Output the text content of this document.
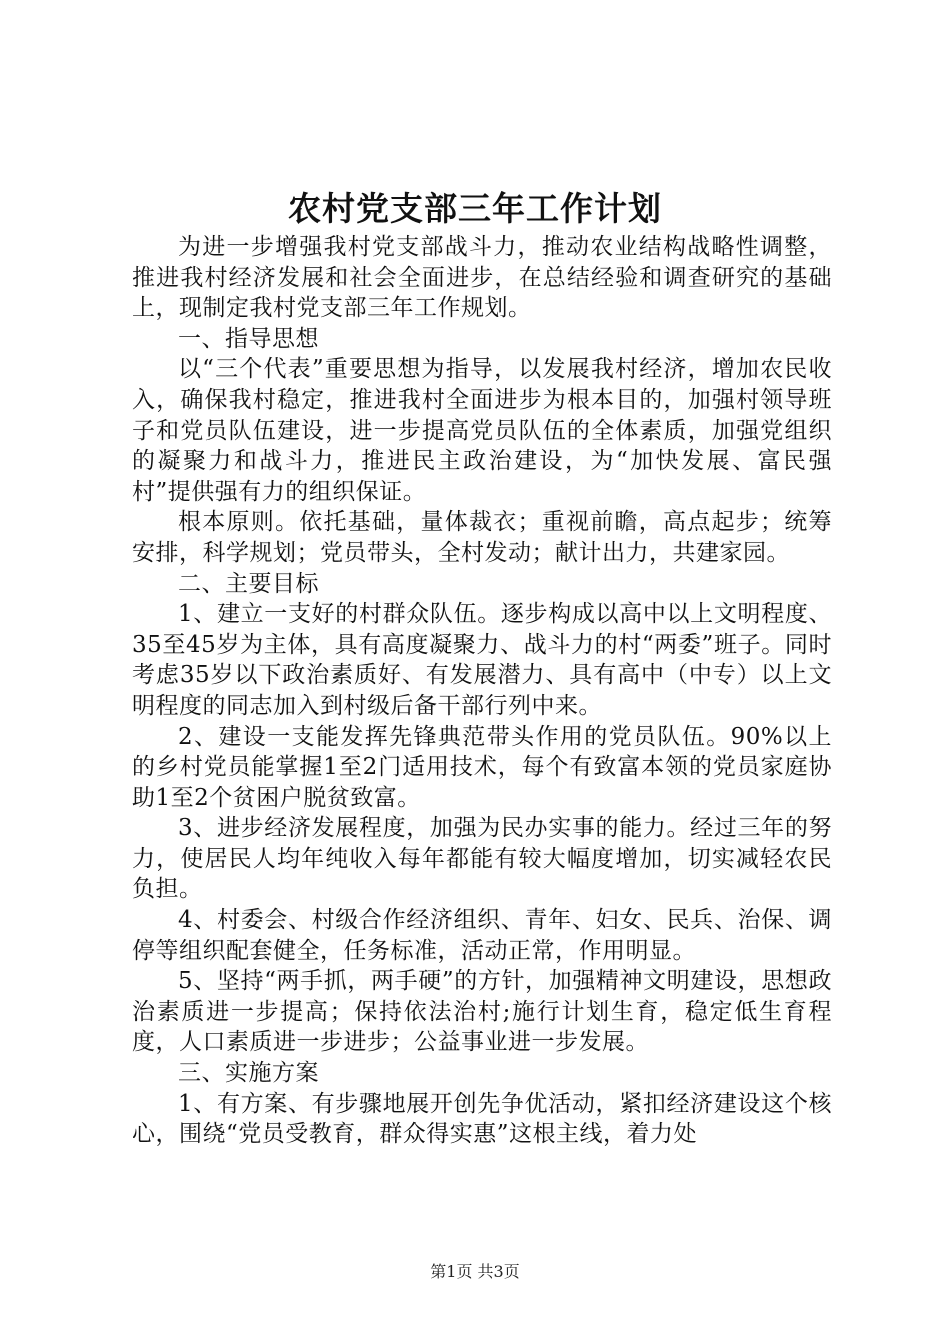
农村党支部三年工作计划

为进一步增强我村党支部战斗力，推动农业结构战略性调整，推进我村经济发展和社会全面进步，在总结经验和调查研究的基础上，现制定我村党支部三年工作规划。

一、指导思想

以“三个代表”重要思想为指导，以发展我村经济，增加农民收入，确保我村稳定，推进我村全面进步为根本目的，加强村领导班子和党员队伍建设，进一步提高党员队伍的全体素质，加强党组织的凝聚力和战斗力，推进民主政治建设，为“加快发展、富民强村”提供强有力的组织保证。

根本原则。依托基础，量体裁衣；重视前瞻，高点起步；统筹安排，科学规划；党员带头，全村发动；献计出力，共建家园。

二、主要目标

1、建立一支好的村群众队伍。逐步构成以高中以上文明程度、35至45岁为主体，具有高度凝聚力、战斗力的村“两委”班子。同时考虑35岁以下政治素质好、有发展潜力、具有高中（中专）以上文明程度的同志加入到村级后备干部行列中来。

2、建设一支能发挥先锋典范带头作用的党员队伍。90%以上的乡村党员能掌握1至2门适用技术，每个有致富本领的党员家庭协助1至2个贫困户脱贫致富。

3、进步经济发展程度，加强为民办实事的能力。经过三年的努力，使居民人均年纯收入每年都能有较大幅度增加，切实减轻农民负担。

4、村委会、村级合作经济组织、青年、妇女、民兵、治保、调停等组织配套健全，任务标准，活动正常，作用明显。

5、坚持“两手抓，两手硬”的方针，加强精神文明建设，思想政治素质进一步提高；保持依法治村;施行计划生育，稳定低生育程度，人口素质进一步进步；公益事业进一步发展。

三、实施方案

1、有方案、有步骤地展开创先争优活动，紧扣经济建设这个核心，围绕“党员受教育，群众得实惠”这根主线，着力处

第1页 共3页
